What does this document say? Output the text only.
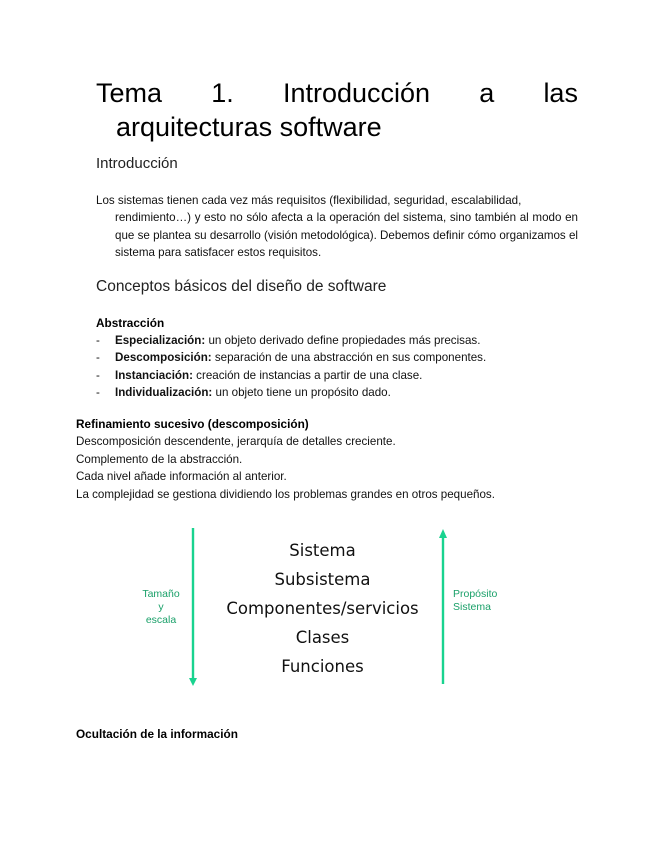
Tema 1. Introducción a las
arquitecturas software
Introducción
Los sistemas tienen cada vez más requisitos (flexibilidad, seguridad, escalabilidad,
rendimiento…) y esto no sólo afecta a la operación del sistema, sino también al modo en que se plantea su desarrollo (visión metodológica). Debemos definir cómo organizamos el sistema para satisfacer estos requisitos.
Conceptos básicos del diseño de software
Abstracción
-	Especialización: un objeto derivado define propiedades más precisas.
-	Descomposición: separación de una abstracción en sus componentes.
-	Instanciación: creación de instancias a partir de una clase.
-	Individualización: un objeto tiene un propósito dado.
Refinamiento sucesivo (descomposición)
Descomposición descendente, jerarquía de detalles creciente.
Complemento de la abstracción.
Cada nivel añade información al anterior.
La complejidad se gestiona dividiendo los problemas grandes en otros pequeños.
Tamaño
y
escala
Sistema
Subsistema
Componentes/servicios
Clases
Funciones
Propósito
Sistema
Ocultación de la información
